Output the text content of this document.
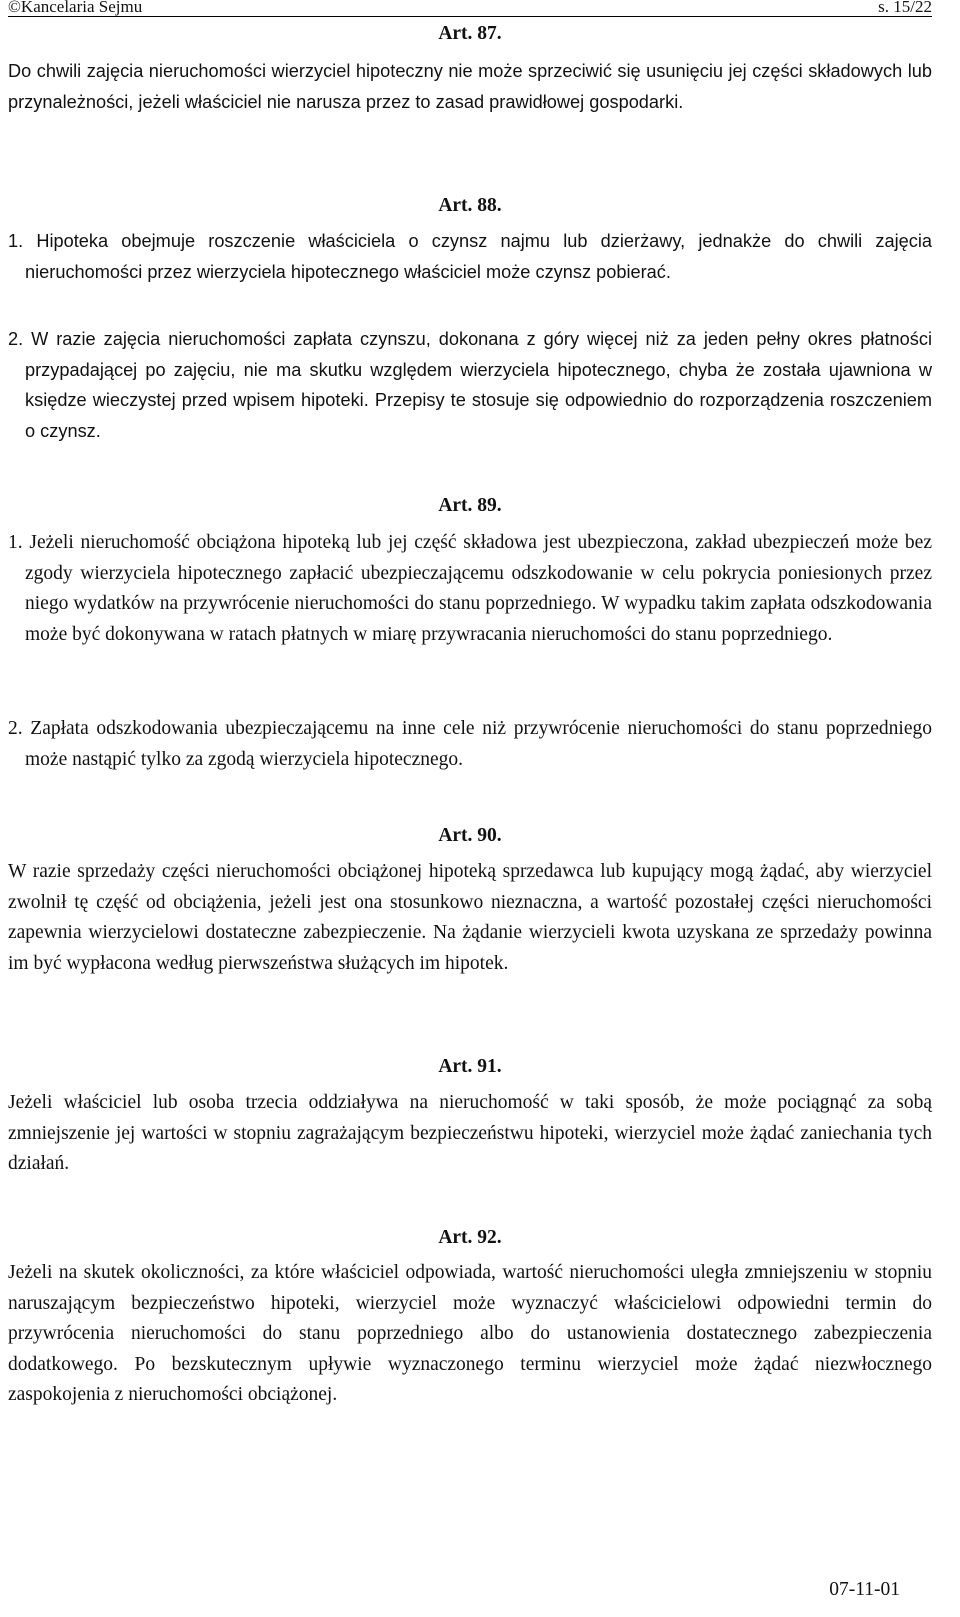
©Kancelaria Sejmu	s. 15/22
Art. 87.
Do chwili zajęcia nieruchomości wierzyciel hipoteczny nie może sprzeciwić się usunięciu jej części składowych lub przynależności, jeżeli właściciel nie narusza przez to zasad prawidłowej gospodarki.
Art. 88.
1. Hipoteka obejmuje roszczenie właściciela o czynsz najmu lub dzierżawy, jednakże do chwili zajęcia nieruchomości przez wierzyciela hipotecznego właściciel może czynsz pobierać.
2. W razie zajęcia nieruchomości zapłata czynszu, dokonana z góry więcej niż za jeden pełny okres płatności przypadającej po zajęciu, nie ma skutku względem wierzyciela hipotecznego, chyba że została ujawniona w księdze wieczystej przed wpisem hipoteki. Przepisy te stosuje się odpowiednio do rozporządzenia roszczeniem o czynsz.
Art. 89.
1. Jeżeli nieruchomość obciążona hipoteką lub jej część składowa jest ubezpieczona, zakład ubezpieczeń może bez zgody wierzyciela hipotecznego zapłacić ubezpieczającemu odszkodowanie w celu pokrycia poniesionych przez niego wydatków na przywrócenie nieruchomości do stanu poprzedniego. W wypadku takim zapłata odszkodowania może być dokonywana w ratach płatnych w miarę przywracania nieruchomości do stanu poprzedniego.
2. Zapłata odszkodowania ubezpieczającemu na inne cele niż przywrócenie nieruchomości do stanu poprzedniego może nastąpić tylko za zgodą wierzyciela hipotecznego.
Art. 90.
W razie sprzedaży części nieruchomości obciążonej hipoteką sprzedawca lub kupujący mogą żądać, aby wierzyciel zwolnił tę część od obciążenia, jeżeli jest ona stosunkowo nieznaczna, a wartość pozostałej części nieruchomości zapewnia wierzycielowi dostateczne zabezpieczenie. Na żądanie wierzycieli kwota uzyskana ze sprzedaży powinna im być wypłacona według pierwszeństwa służących im hipotek.
Art. 91.
Jeżeli właściciel lub osoba trzecia oddziaływa na nieruchomość w taki sposób, że może pociągnąć za sobą zmniejszenie jej wartości w stopniu zagrażającym bezpieczeństwu hipoteki, wierzyciel może żądać zaniechania tych działań.
Art. 92.
Jeżeli na skutek okoliczności, za które właściciel odpowiada, wartość nieruchomości uległa zmniejszeniu w stopniu naruszającym bezpieczeństwo hipoteki, wierzyciel może wyznaczyć właścicielowi odpowiedni termin do przywrócenia nieruchomości do stanu poprzedniego albo do ustanowienia dostatecznego zabezpieczenia dodatkowego. Po bezskutecznym upływie wyznaczonego terminu wierzyciel może żądać niezwłocznego zaspokojenia z nieruchomości obciążonej.
07-11-01
